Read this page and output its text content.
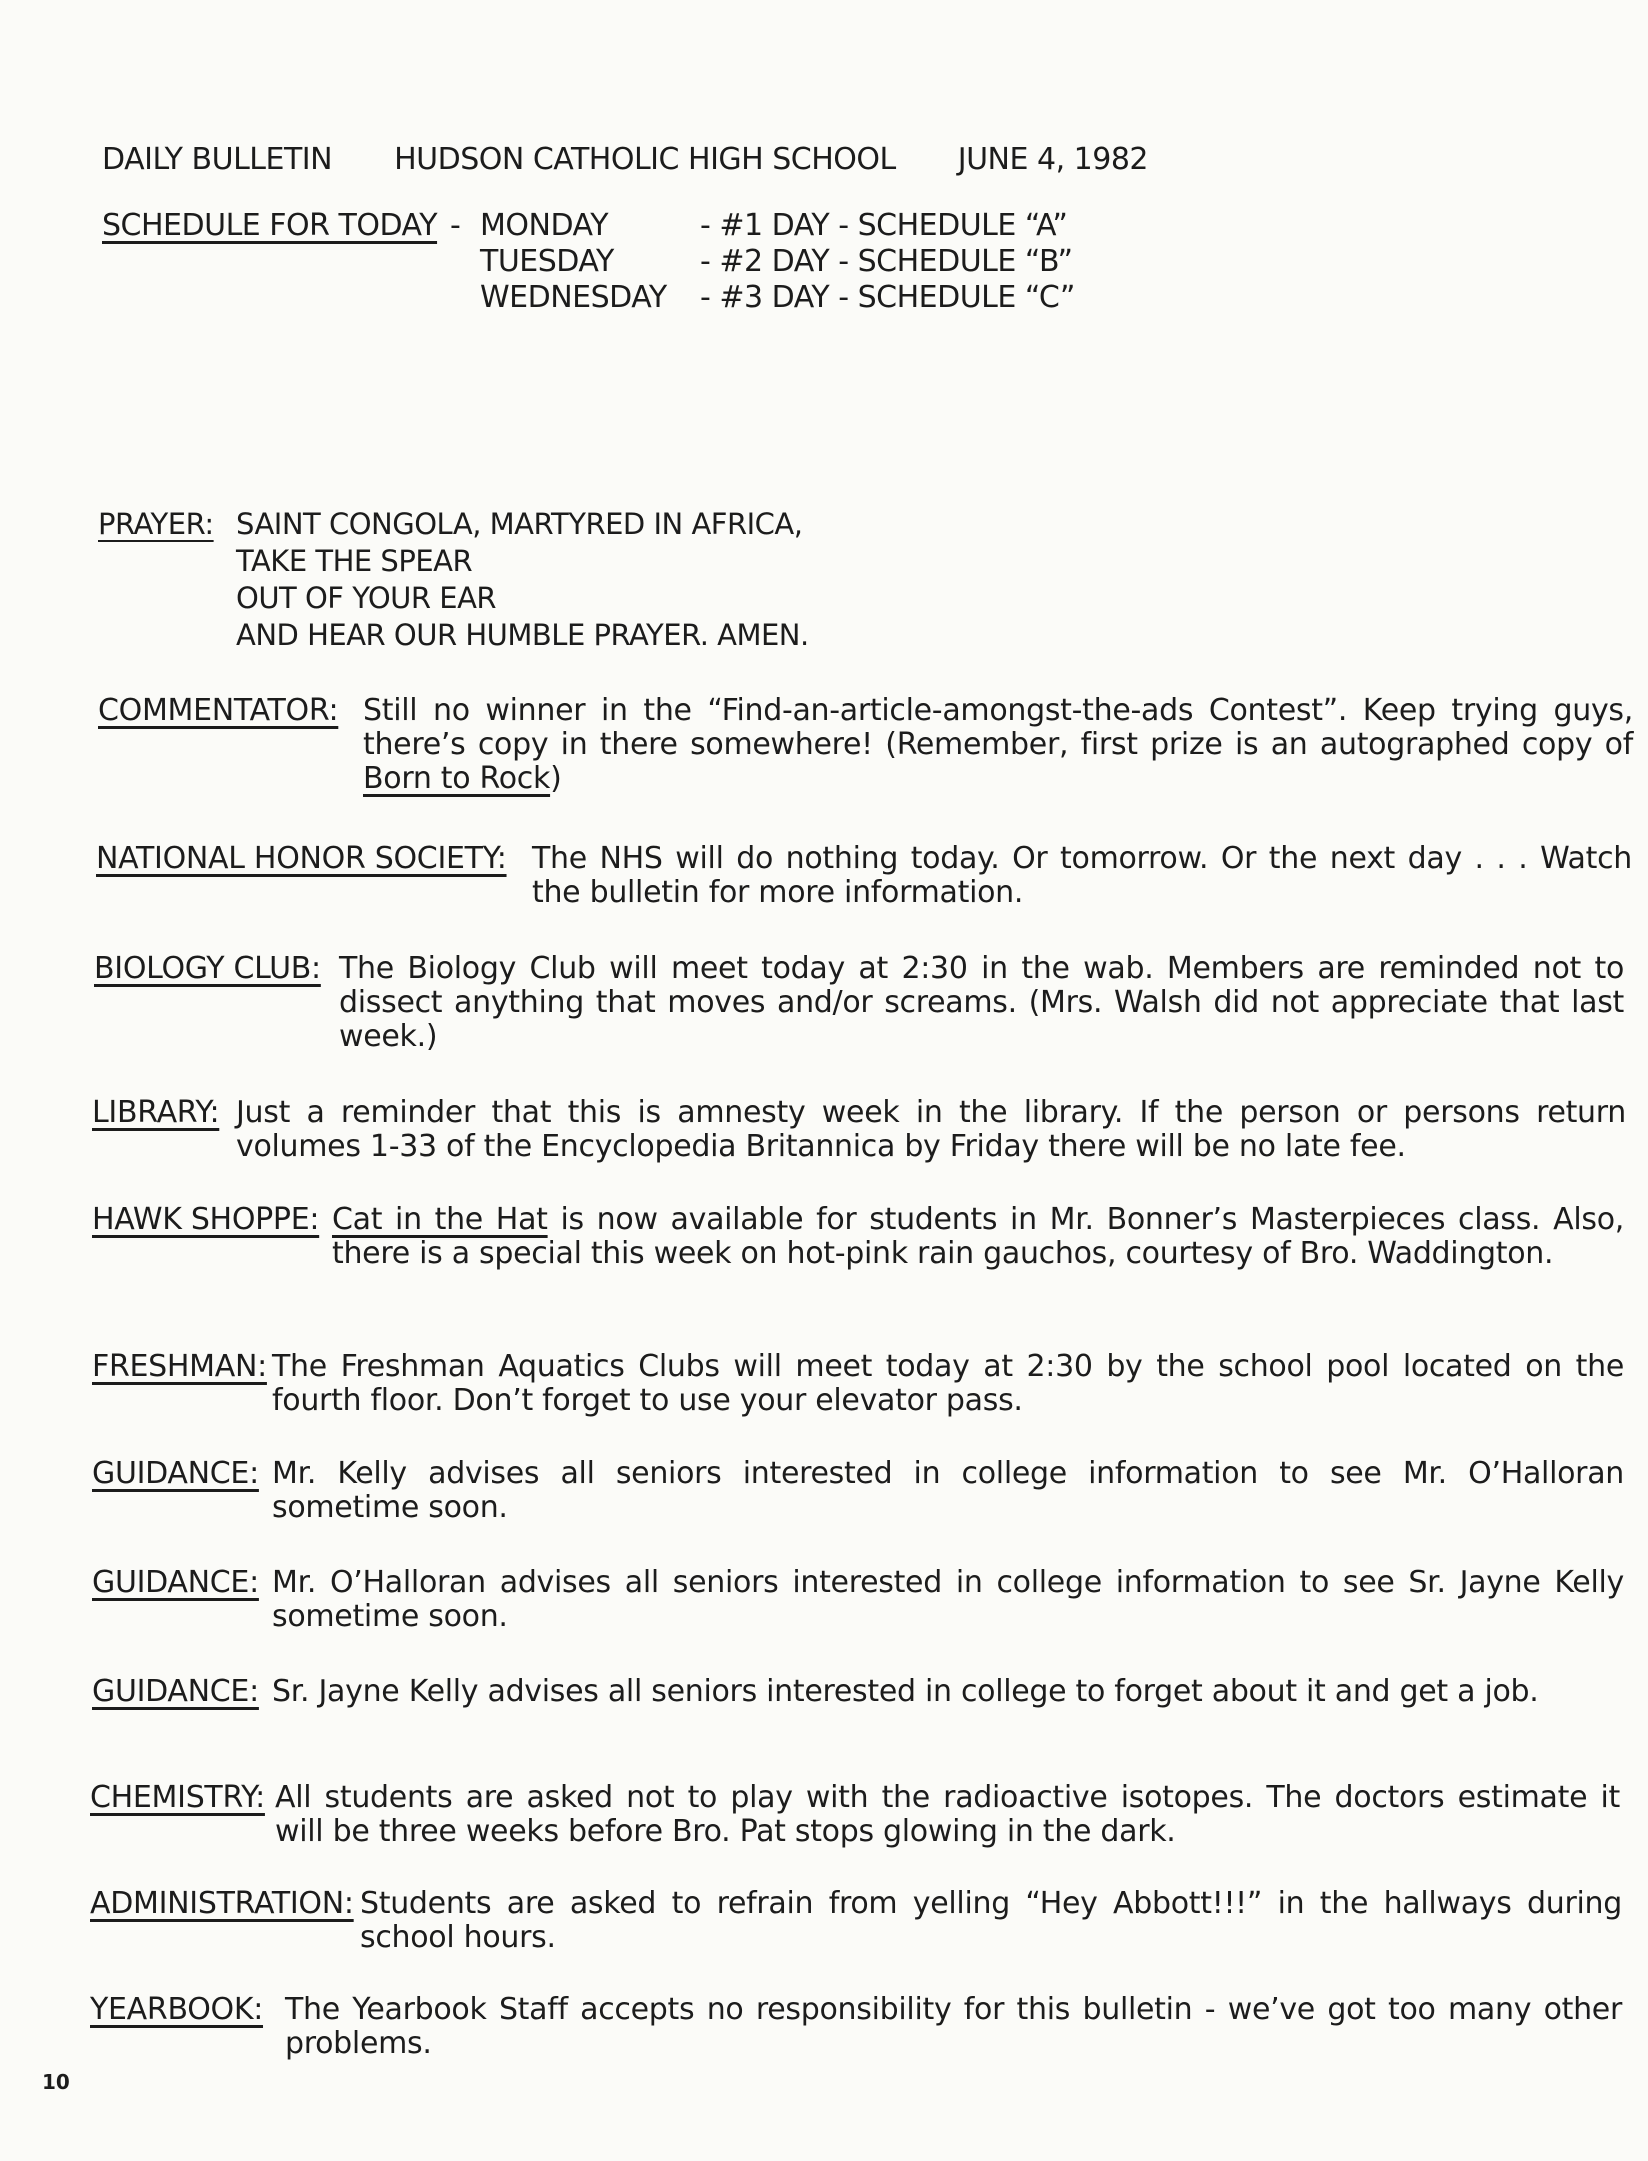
DAILY BULLETIN HUDSON CATHOLIC HIGH SCHOOL JUNE 4, 1982
SCHEDULE FOR TODAY - MONDAY	- #1 DAY - SCHEDULE “A”
TUESDAY	- #2 DAY - SCHEDULE “B”
WEDNESDAY - #3 DAY - SCHEDULE “C”
PRAYER: SAINT CONGOLA, MARTYRED IN AFRICA,
TAKE THE SPEAR
OUT OF YOUR EAR
AND HEAR OUR HUMBLE PRAYER. AMEN.
COMMENTATOR: Still no winner in the “Find-an-article-amongst-the-ads Contest”. Keep trying guys, there’s copy in there somewhere! (Remember, first prize is an autographed copy of Born to Rock)
NATIONAL HONOR SOCIETY: The NHS will do nothing today. Or tomorrow. Or the next day . . . Watch the bulletin for more information.
BIOLOGY CLUB: The Biology Club will meet today at 2:30 in the wab. Members are reminded not to dissect anything that moves and/or screams. (Mrs. Walsh did not appreciate that last week.)
LIBRARY: Just a reminder that this is amnesty week in the library. If the person or persons return volumes 1-33 of the Encyclopedia Britannica by Friday there will be no late fee.
HAWK SHOPPE: Cat in the Hat is now available for students in Mr. Bonner’s Masterpieces class. Also, there is a special this week on hot-pink rain gauchos, courtesy of Bro. Waddington.
FRESHMAN: The Freshman Aquatics Clubs will meet today at 2:30 by the school pool located on the fourth floor. Don’t forget to use your elevator pass.
GUIDANCE: Mr. Kelly advises all seniors interested in college information to see Mr. O’Halloran sometime soon.
GUIDANCE: Mr. O’Halloran advises all seniors interested in college information to see Sr. Jayne Kelly sometime soon.
GUIDANCE: Sr. Jayne Kelly advises all seniors interested in college to forget about it and get a job.
CHEMISTRY: All students are asked not to play with the radioactive isotopes. The doctors estimate it will be three weeks before Bro. Pat stops glowing in the dark.
ADMINISTRATION: Students are asked to refrain from yelling “Hey Abbott!!!” in the hallways during school hours.
YEARBOOK: The Yearbook Staff accepts no responsibility for this bulletin - we’ve got too many other problems.
10
